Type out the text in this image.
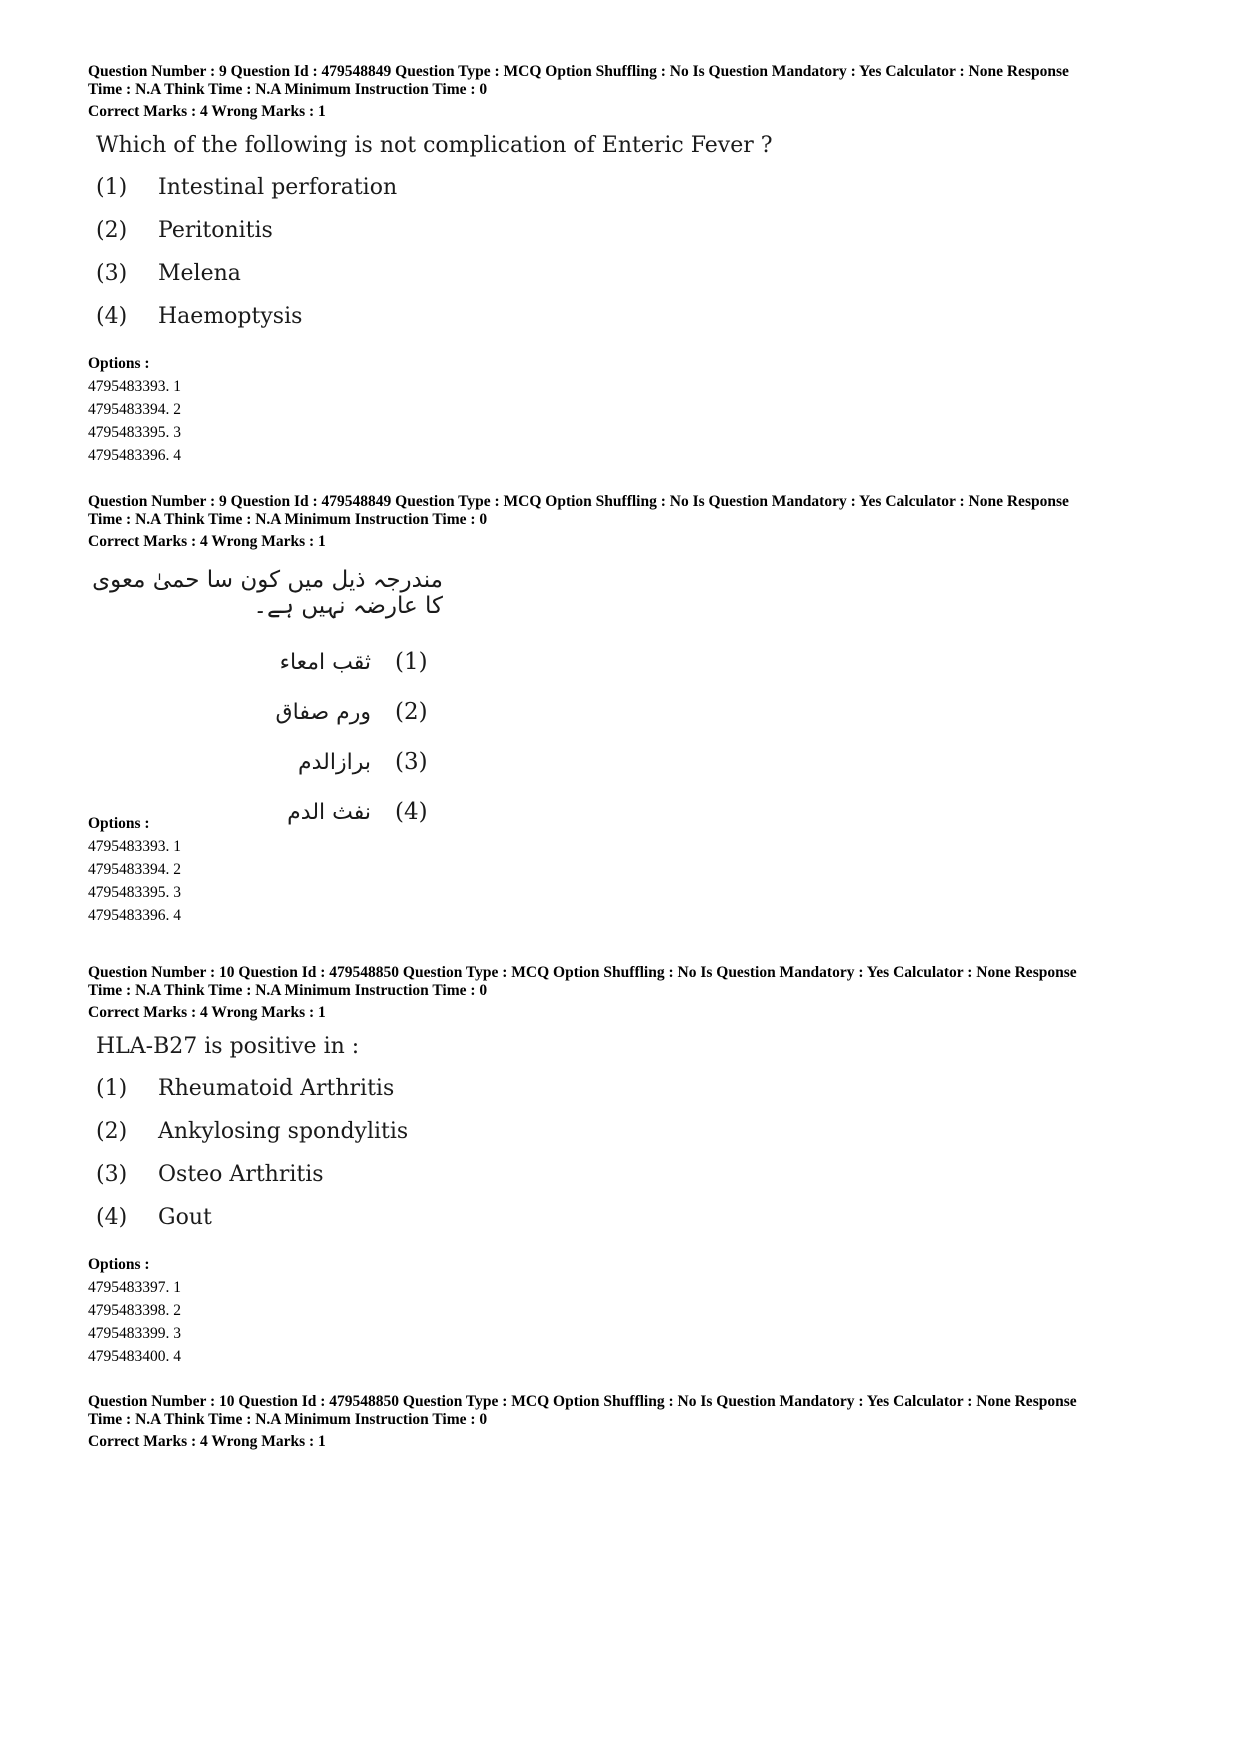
Question Number : 9 Question Id : 479548849 Question Type : MCQ Option Shuffling : No Is Question Mandatory : Yes Calculator : None Response

Time : N.A Think Time : N.A Minimum Instruction Time : 0

Correct Marks : 4 Wrong Marks : 1

Which of the following is not complication of Enteric Fever ?
(1)	Intestinal perforation
(2)	Peritonitis
(3)	Melena
(4)	Haemoptysis

Options :

4795483393. 1

4795483394. 2

4795483395. 3

4795483396. 4

Question Number : 9 Question Id : 479548849 Question Type : MCQ Option Shuffling : No Is Question Mandatory : Yes Calculator : None Response

Time : N.A Think Time : N.A Minimum Instruction Time : 0

Correct Marks : 4 Wrong Marks : 1

مندرجہ ذیل میں کون سا حمیٰ معوی کا عارضہ نہیں ہے۔
(1)
ثقب امعاء
(2)
ورم صفاق
(3)
برازالدم
(4)
نفث الدم

Options :

4795483393. 1

4795483394. 2

4795483395. 3

4795483396. 4

Question Number : 10 Question Id : 479548850 Question Type : MCQ Option Shuffling : No Is Question Mandatory : Yes Calculator : None Response

Time : N.A Think Time : N.A Minimum Instruction Time : 0

Correct Marks : 4 Wrong Marks : 1

HLA-B27 is positive in :
(1)	Rheumatoid Arthritis
(2)	Ankylosing spondylitis
(3)	Osteo Arthritis
(4)	Gout

Options :

4795483397. 1

4795483398. 2

4795483399. 3

4795483400. 4

Question Number : 10 Question Id : 479548850 Question Type : MCQ Option Shuffling : No Is Question Mandatory : Yes Calculator : None Response

Time : N.A Think Time : N.A Minimum Instruction Time : 0

Correct Marks : 4 Wrong Marks : 1
